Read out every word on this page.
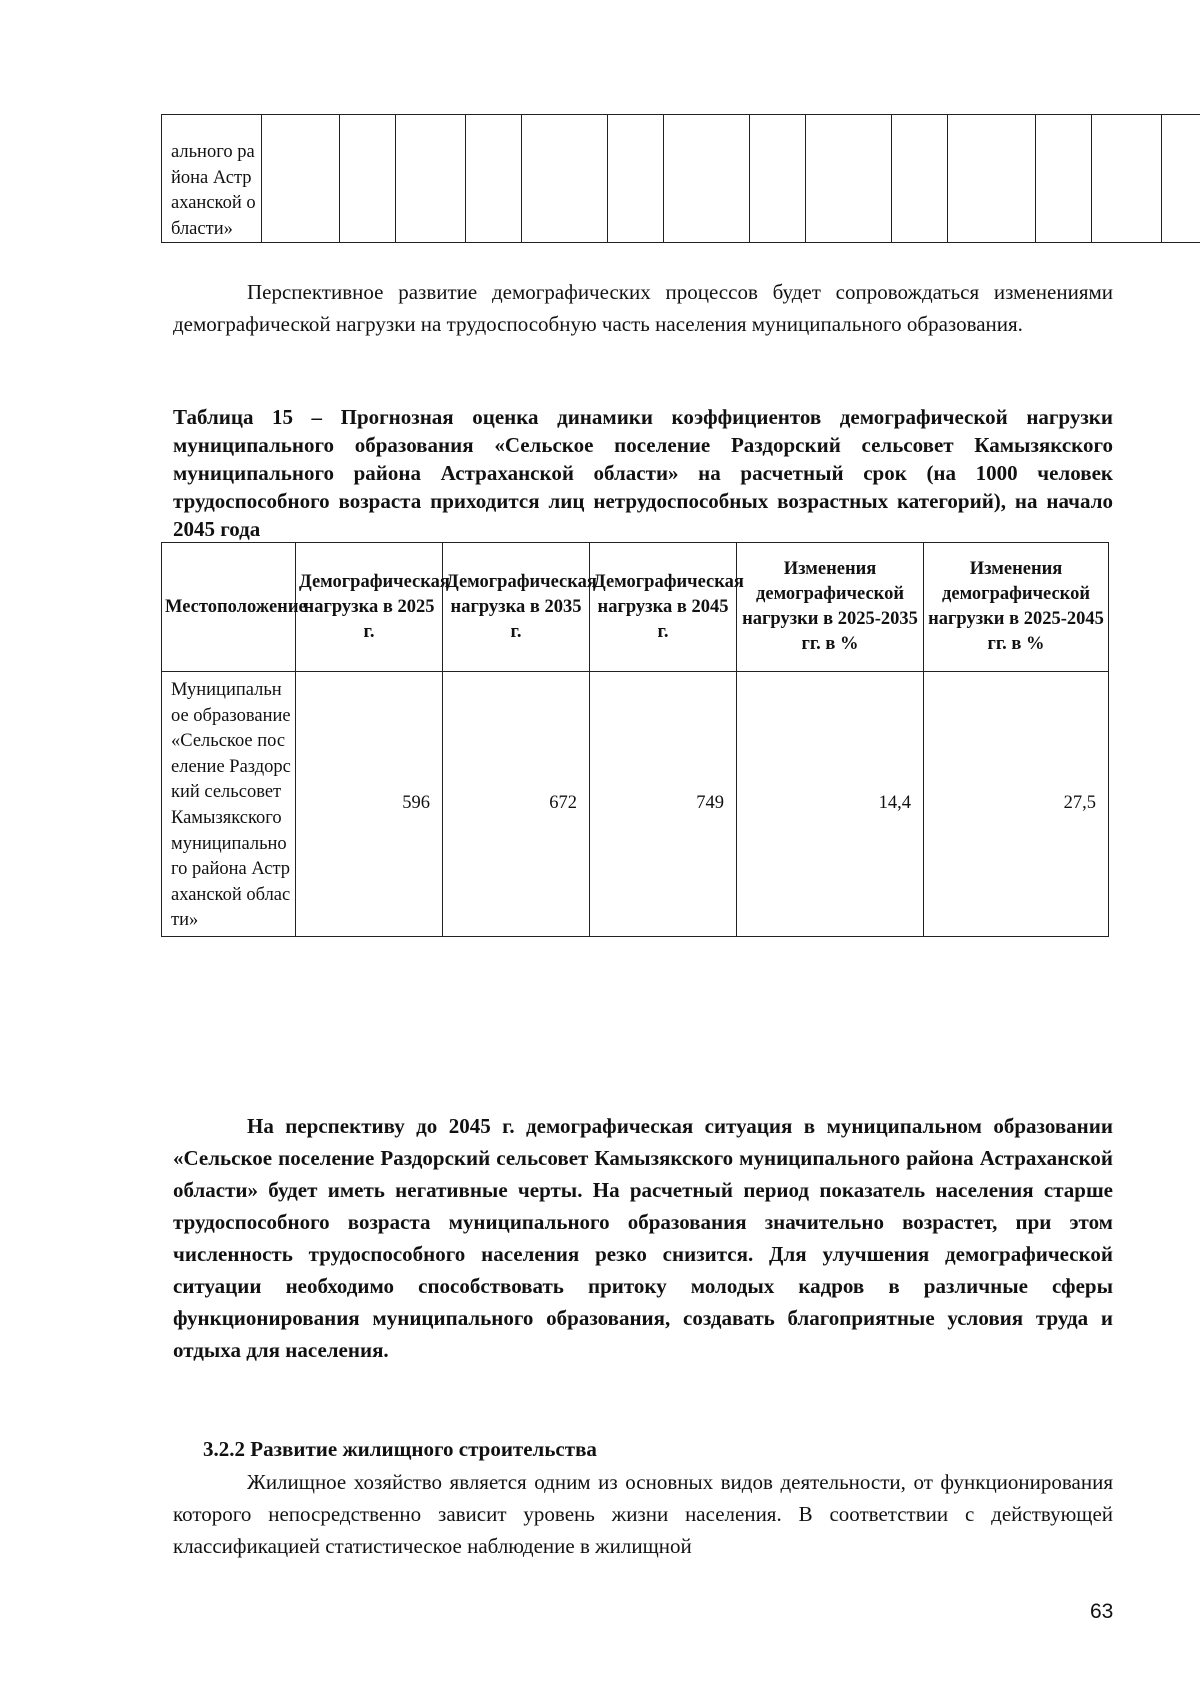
ального района Астраханской области»														

Перспективное развитие демографических процессов будет сопровождаться изменениями демографической нагрузки на трудоспособную часть населения муниципального образования.

Таблица 15 – Прогнозная оценка динамики коэффициентов демографической нагрузки муниципального образования «Сельское поселение Раздорский сельсовет Камызякского муниципального района Астраханской области» на расчетный срок (на 1000 человек трудоспособного возраста приходится лиц нетрудоспособных возрастных категорий), на начало 2045 года

Местоположение	Демографическая нагрузка в 2025 г.	Демографическая нагрузка в 2035 г.	Демографическая нагрузка в 2045 г.	Изменения демографической нагрузки в 2025-2035 гг. в %	Изменения демографической нагрузки в 2025-2045 гг. в %
Муниципальное образование «Сельское поселение Раздорский сельсовет Камызякского муниципального района Астраханской области»	596	672	749	14,4	27,5

На перспективу до 2045 г. демографическая ситуация в муниципальном образовании «Сельское поселение Раздорский сельсовет Камызякского муниципального района Астраханской области» будет иметь негативные черты. На расчетный период показатель населения старше трудоспособного возраста муниципального образования значительно возрастет, при этом численность трудоспособного населения резко снизится. Для улучшения демографической ситуации необходимо способствовать притоку молодых кадров в различные сферы функционирования муниципального образования, создавать благоприятные условия труда и отдыха для населения.

3.2.2 Развитие жилищного строительства

Жилищное хозяйство является одним из основных видов деятельности, от функционирования которого непосредственно зависит уровень жизни населения. В соответствии с действующей классификацией статистическое наблюдение в жилищной

63
